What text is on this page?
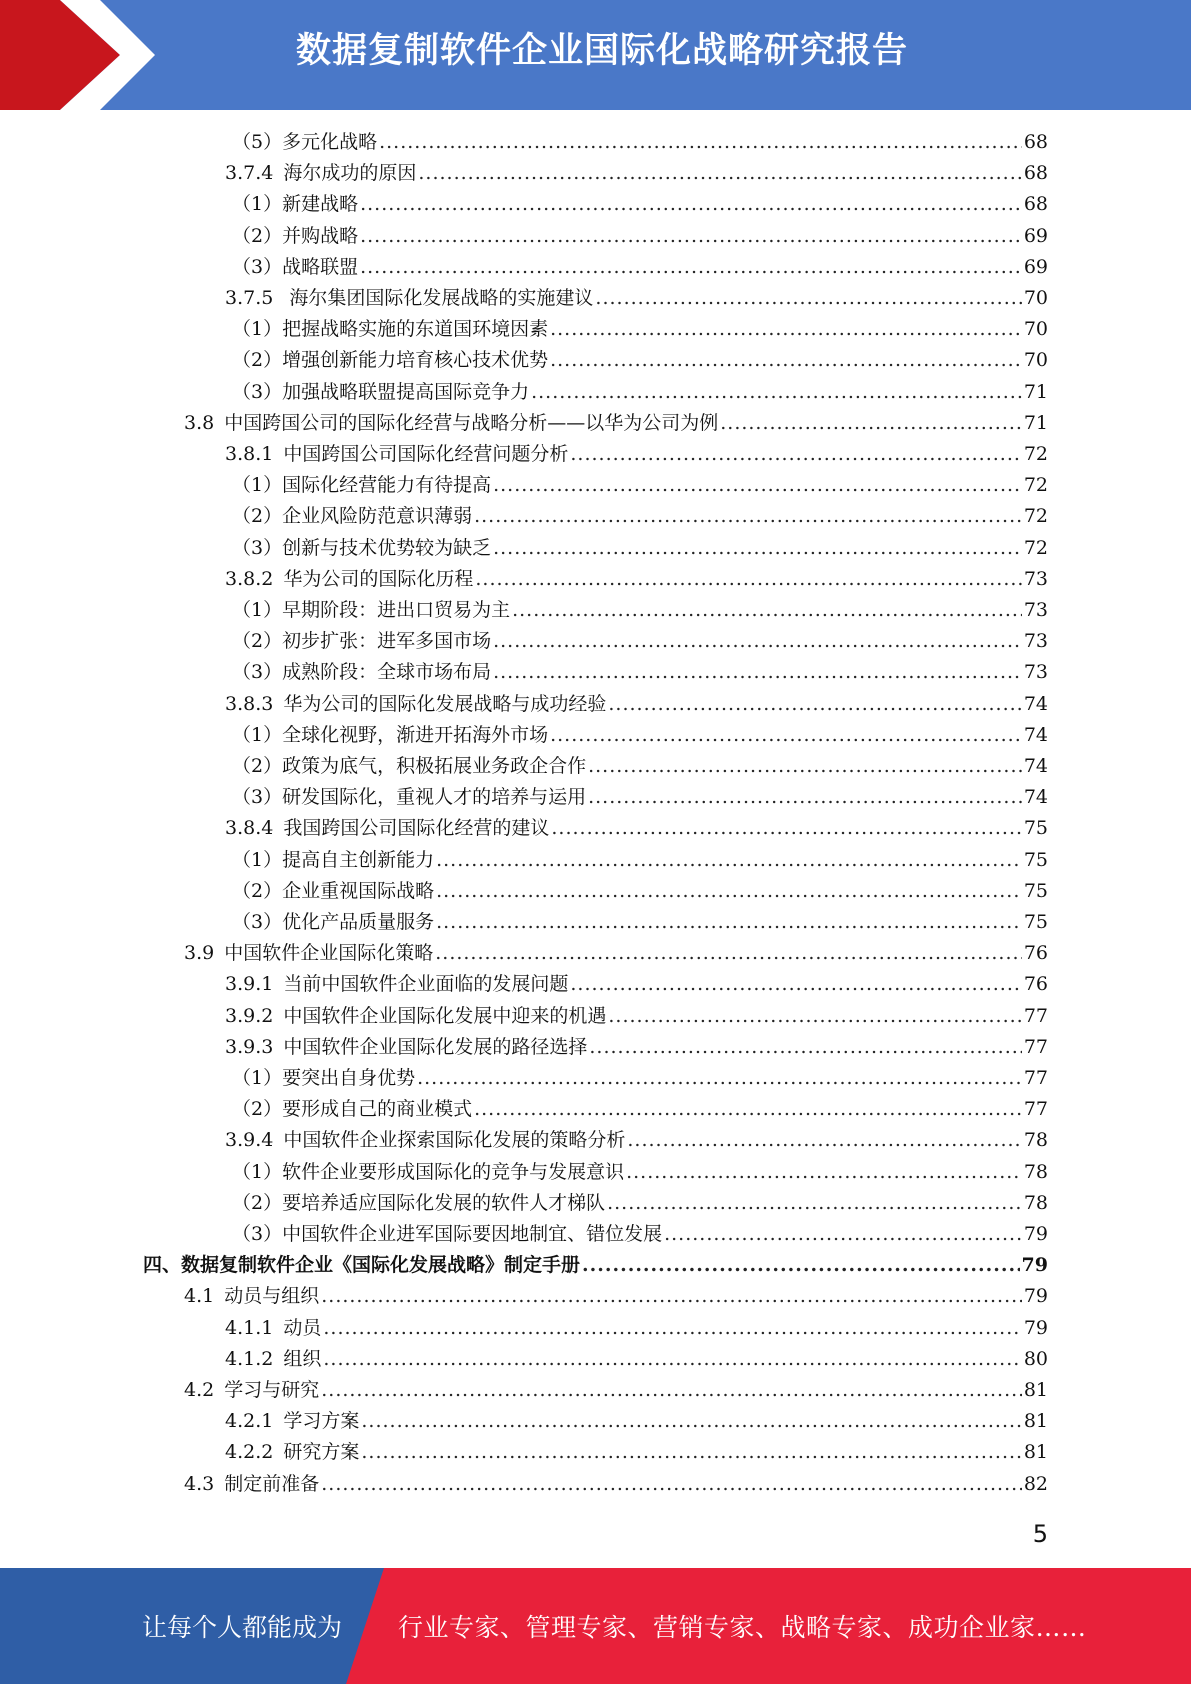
数据复制软件企业国际化战略研究报告
（5）多元化战略 .....	68
3.7.4 海尔成功的原因 .....	68
（1）新建战略 .....	68
（2）并购战略 .....	69
（3）战略联盟 .....	69
3.7.5 海尔集团国际化发展战略的实施建议 .....	70
（1）把握战略实施的东道国环境因素 .....	70
（2）增强创新能力培育核心技术优势 .....	70
（3）加强战略联盟提高国际竞争力 .....	71
3.8 中国跨国公司的国际化经营与战略分析——以华为公司为例 .....	71
3.8.1 中国跨国公司国际化经营问题分析 .....	72
（1）国际化经营能力有待提高 .....	72
（2）企业风险防范意识薄弱 .....	72
（3）创新与技术优势较为缺乏 .....	72
3.8.2 华为公司的国际化历程 .....	73
（1）早期阶段：进出口贸易为主 .....	73
（2）初步扩张：进军多国市场 .....	73
（3）成熟阶段：全球市场布局 .....	73
3.8.3 华为公司的国际化发展战略与成功经验 .....	74
（1）全球化视野，渐进开拓海外市场 .....	74
（2）政策为底气，积极拓展业务政企合作 .....	74
（3）研发国际化，重视人才的培养与运用 .....	74
3.8.4 我国跨国公司国际化经营的建议 .....	75
（1）提高自主创新能力 .....	75
（2）企业重视国际战略 .....	75
（3）优化产品质量服务 .....	75
3.9 中国软件企业国际化策略 .....	76
3.9.1 当前中国软件企业面临的发展问题 .....	76
3.9.2 中国软件企业国际化发展中迎来的机遇 .....	77
3.9.3 中国软件企业国际化发展的路径选择 .....	77
（1）要突出自身优势 .....	77
（2）要形成自己的商业模式 .....	77
3.9.4 中国软件企业探索国际化发展的策略分析 .....	78
（1）软件企业要形成国际化的竞争与发展意识 .....	78
（2）要培养适应国际化发展的软件人才梯队 .....	78
（3）中国软件企业进军国际要因地制宜、错位发展 .....	79
四、数据复制软件企业《国际化发展战略》制定手册 .....	79
4.1 动员与组织 .....	79
4.1.1 动员 .....	79
4.1.2 组织 .....	80
4.2 学习与研究 .....	81
4.2.1 学习方案 .....	81
4.2.2 研究方案 .....	81
4.3 制定前准备 .....	82
5
让每个人都能成为 行业专家、管理专家、营销专家、战略专家、成功企业家……
